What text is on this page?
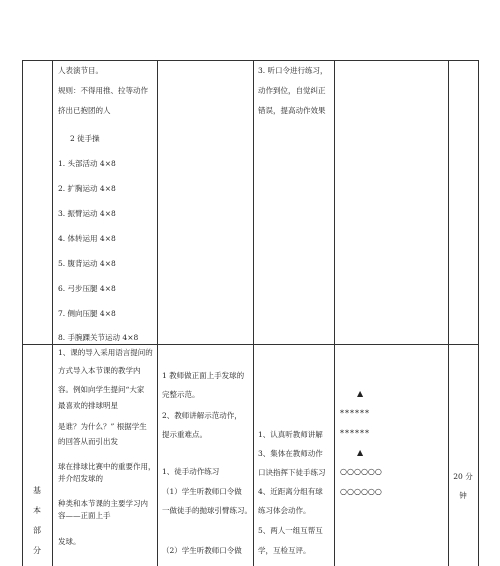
人表演节目。
规则：不得用推、拉等动作
挤出已抱团的人
2 徒手操
1. 头部活动 4×8
2. 扩胸运动 4×8
3. 振臂运动 4×8
4. 体转运用 4×8
5. 腹背运动 4×8
6. 弓步压腿 4×8
7. 侧向压腿 4×8
8. 手腕踝关节运动 4×8
3. 听口令进行练习，
动作到位，自觉纠正
错误，提高动作效果
基
本
部
分
1、课的导入采用语言提问的
方式导入本节课的教学内
容。例如向学生提问“大家
最喜欢的排球明星
是谁？为什么？” 根据学生
的回答从而引出发
球在排球比赛中的重要作用，
并介绍发球的
种类和本节课的主要学习内
容——正面上手
发球。
1 教师做正面上手发球的
完整示范。
2、教师讲解示范动作，
提示重难点。
1、徒手动作练习
（1）学生听教师口令做
一做徒手的抛球引臂练习。
（2）学生听教师口令做
1、认真听教师讲解
3、集体在教师动作
口诀指挥下徒手练习
4、近距离分组有球
练习体会动作。
5、两人一组互帮互
学，互检互评。
▲
******
******
▲
○○○○○○
○○○○○○
20 分
钟
